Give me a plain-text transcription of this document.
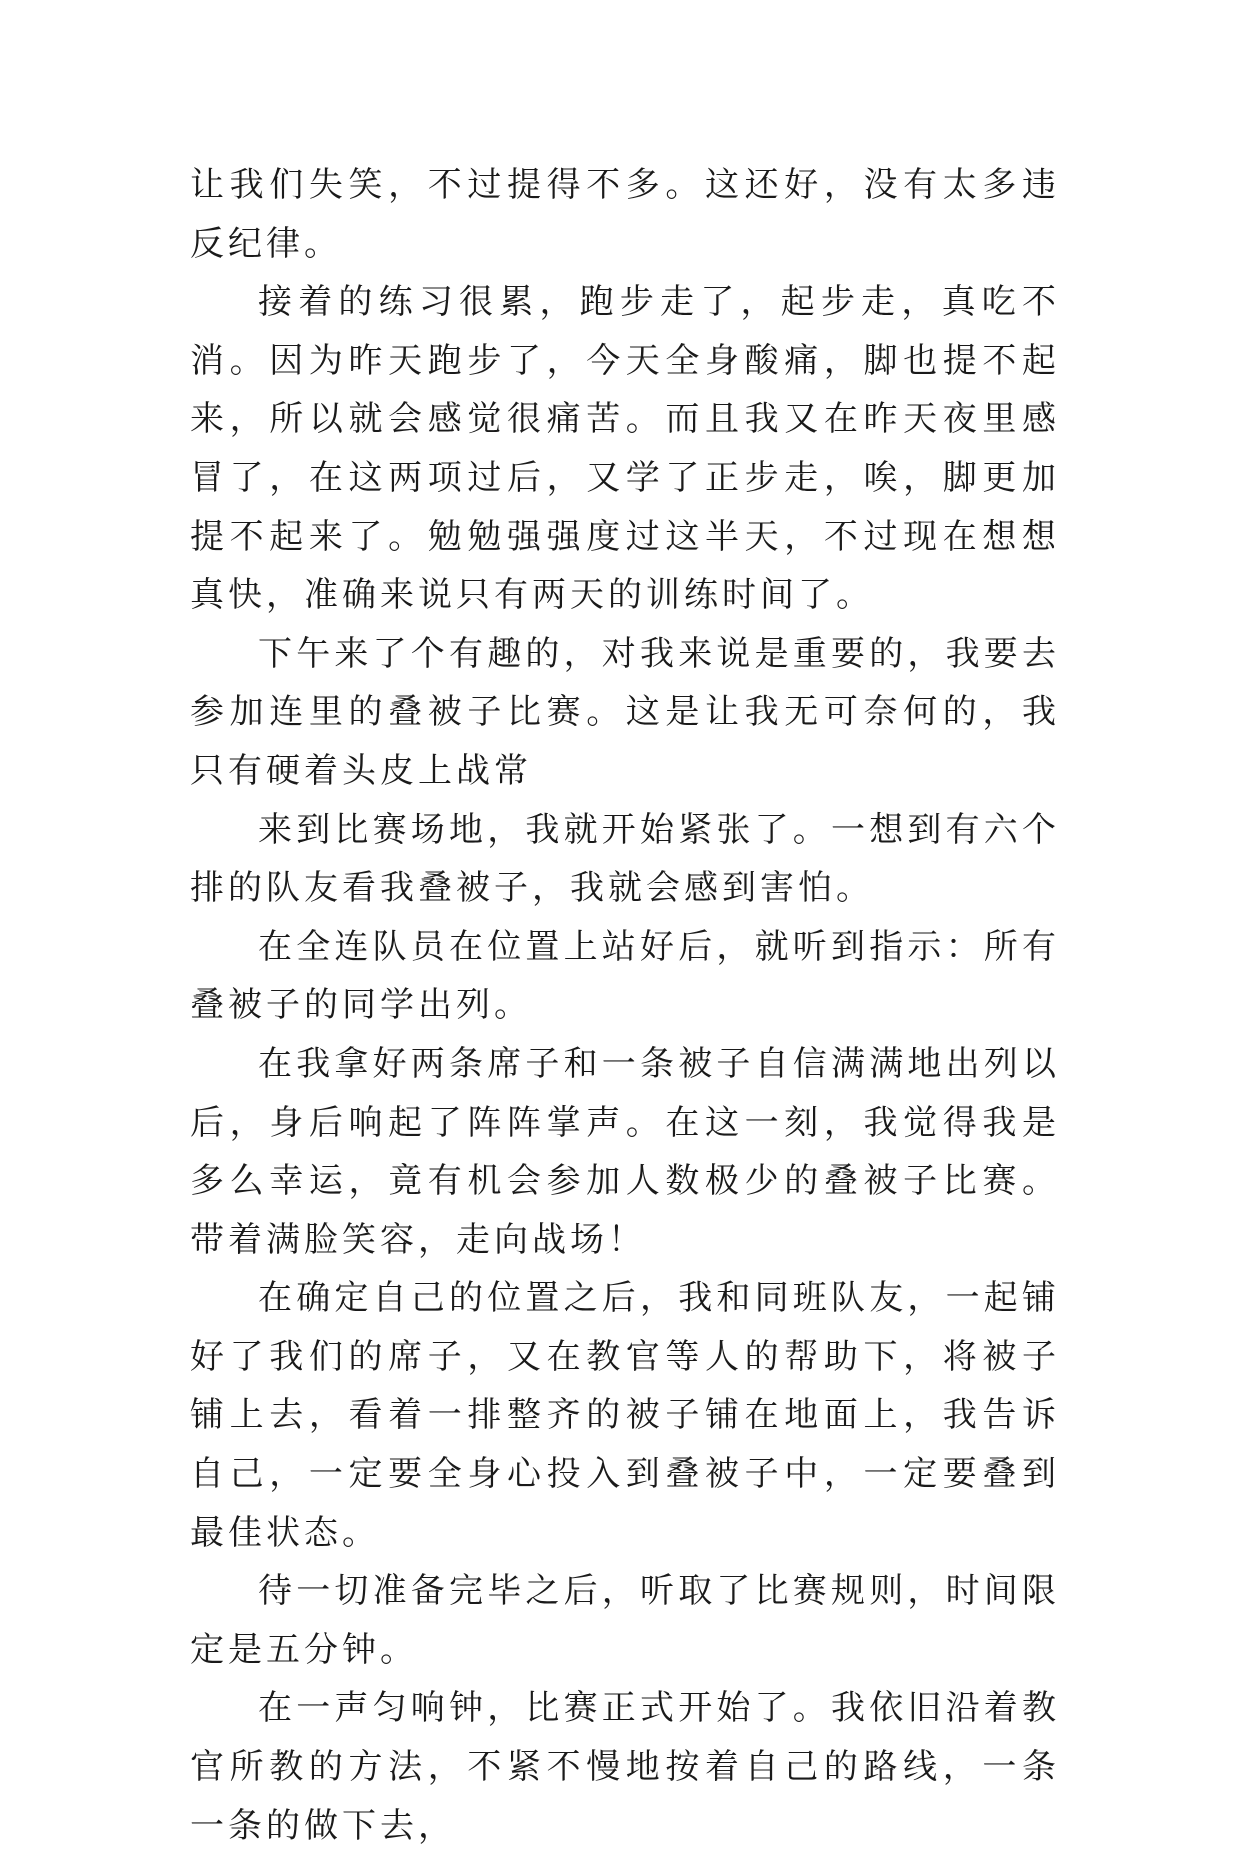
让我们失笑，不过提得不多。这还好，没有太多违反纪律。

接着的练习很累，跑步走了，起步走，真吃不消。因为昨天跑步了，今天全身酸痛，脚也提不起来，所以就会感觉很痛苦。而且我又在昨天夜里感冒了，在这两项过后，又学了正步走，唉，脚更加提不起来了。勉勉强强度过这半天，不过现在想想真快，准确来说只有两天的训练时间了。

下午来了个有趣的，对我来说是重要的，我要去参加连里的叠被子比赛。这是让我无可奈何的，我只有硬着头皮上战常

来到比赛场地，我就开始紧张了。一想到有六个排的队友看我叠被子，我就会感到害怕。

在全连队员在位置上站好后，就听到指示：所有叠被子的同学出列。

在我拿好两条席子和一条被子自信满满地出列以后，身后响起了阵阵掌声。在这一刻，我觉得我是多么幸运，竟有机会参加人数极少的叠被子比赛。带着满脸笑容，走向战场！

在确定自己的位置之后，我和同班队友，一起铺好了我们的席子，又在教官等人的帮助下，将被子铺上去，看着一排整齐的被子铺在地面上，我告诉自己，一定要全身心投入到叠被子中，一定要叠到最佳状态。

待一切准备完毕之后，听取了比赛规则，时间限定是五分钟。

在一声匀响钟，比赛正式开始了。我依旧沿着教官所教的方法，不紧不慢地按着自己的路线，一条一条的做下去，
